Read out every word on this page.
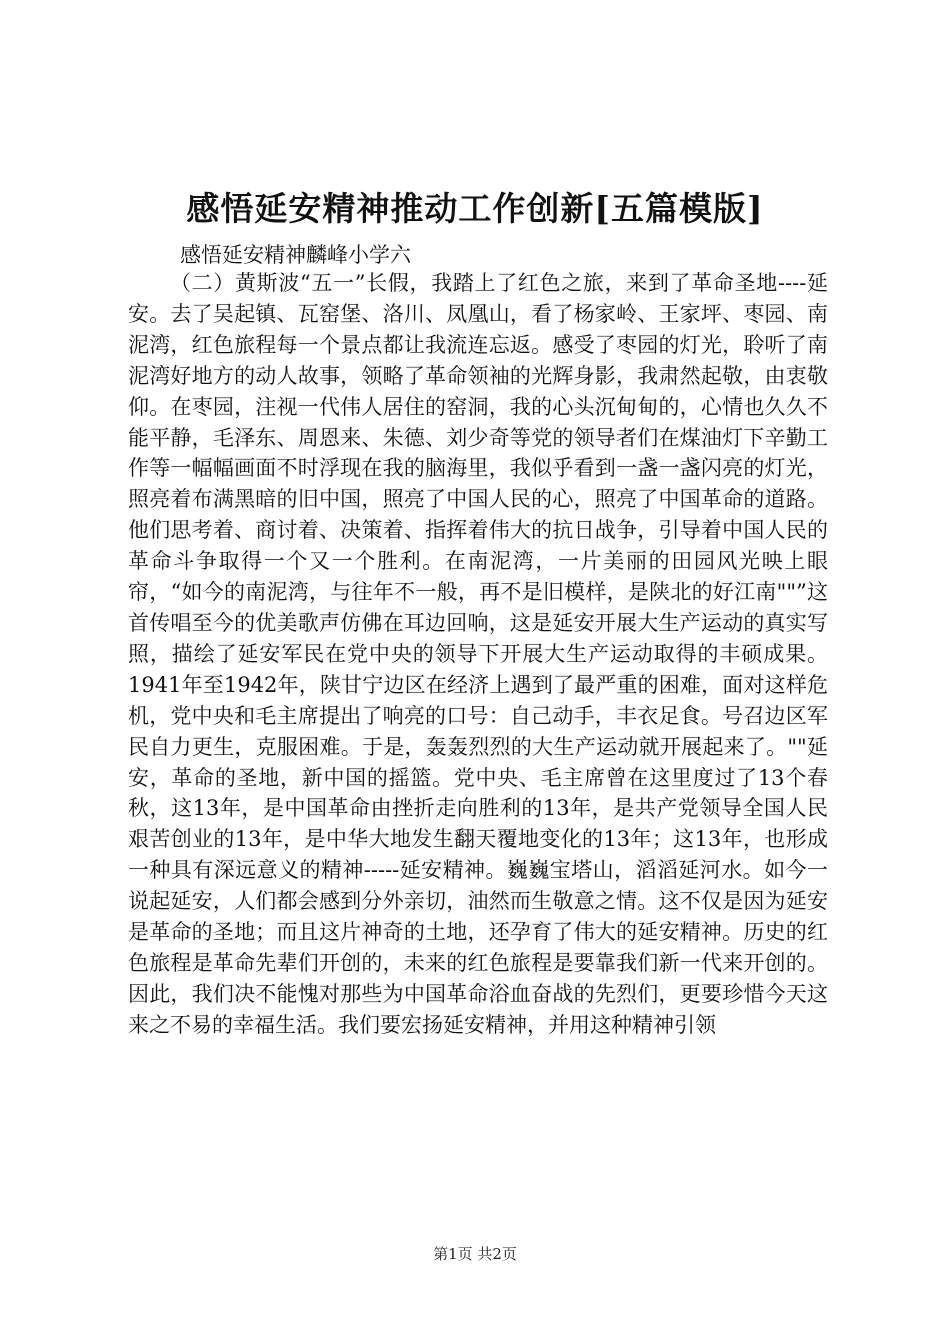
感悟延安精神推动工作创新[五篇模版]

感悟延安精神麟峰小学六

（二）黄斯波“五一”长假，我踏上了红色之旅，来到了革命圣地----延安。去了吴起镇、瓦窑堡、洛川、凤凰山，看了杨家岭、王家坪、枣园、南泥湾，红色旅程每一个景点都让我流连忘返。感受了枣园的灯光，聆听了南泥湾好地方的动人故事，领略了革命领袖的光辉身影，我肃然起敬，由衷敬仰。在枣园，注视一代伟人居住的窑洞，我的心头沉甸甸的，心情也久久不能平静，毛泽东、周恩来、朱德、刘少奇等党的领导者们在煤油灯下辛勤工作等一幅幅画面不时浮现在我的脑海里，我似乎看到一盏一盏闪亮的灯光，照亮着布满黑暗的旧中国，照亮了中国人民的心，照亮了中国革命的道路。他们思考着、商讨着、决策着、指挥着伟大的抗日战争，引导着中国人民的革命斗争取得一个又一个胜利。在南泥湾，一片美丽的田园风光映上眼帘，“如今的南泥湾，与往年不一般，再不是旧模样，是陕北的好江南""”这首传唱至今的优美歌声仿佛在耳边回响，这是延安开展大生产运动的真实写照，描绘了延安军民在党中央的领导下开展大生产运动取得的丰硕成果。1941年至1942年，陕甘宁边区在经济上遇到了最严重的困难，面对这样危机，党中央和毛主席提出了响亮的口号：自己动手，丰衣足食。号召边区军民自力更生，克服困难。于是，轰轰烈烈的大生产运动就开展起来了。""延安，革命的圣地，新中国的摇篮。党中央、毛主席曾在这里度过了13个春秋，这13年，是中国革命由挫折走向胜利的13年，是共产党领导全国人民艰苦创业的13年，是中华大地发生翻天覆地变化的13年；这13年，也形成一种具有深远意义的精神-----延安精神。巍巍宝塔山，滔滔延河水。如今一说起延安，人们都会感到分外亲切，油然而生敬意之情。这不仅是因为延安是革命的圣地；而且这片神奇的土地，还孕育了伟大的延安精神。历史的红色旅程是革命先辈们开创的，未来的红色旅程是要靠我们新一代来开创的。因此，我们决不能愧对那些为中国革命浴血奋战的先烈们，更要珍惜今天这来之不易的幸福生活。我们要宏扬延安精神，并用这种精神引领

第1页 共2页
